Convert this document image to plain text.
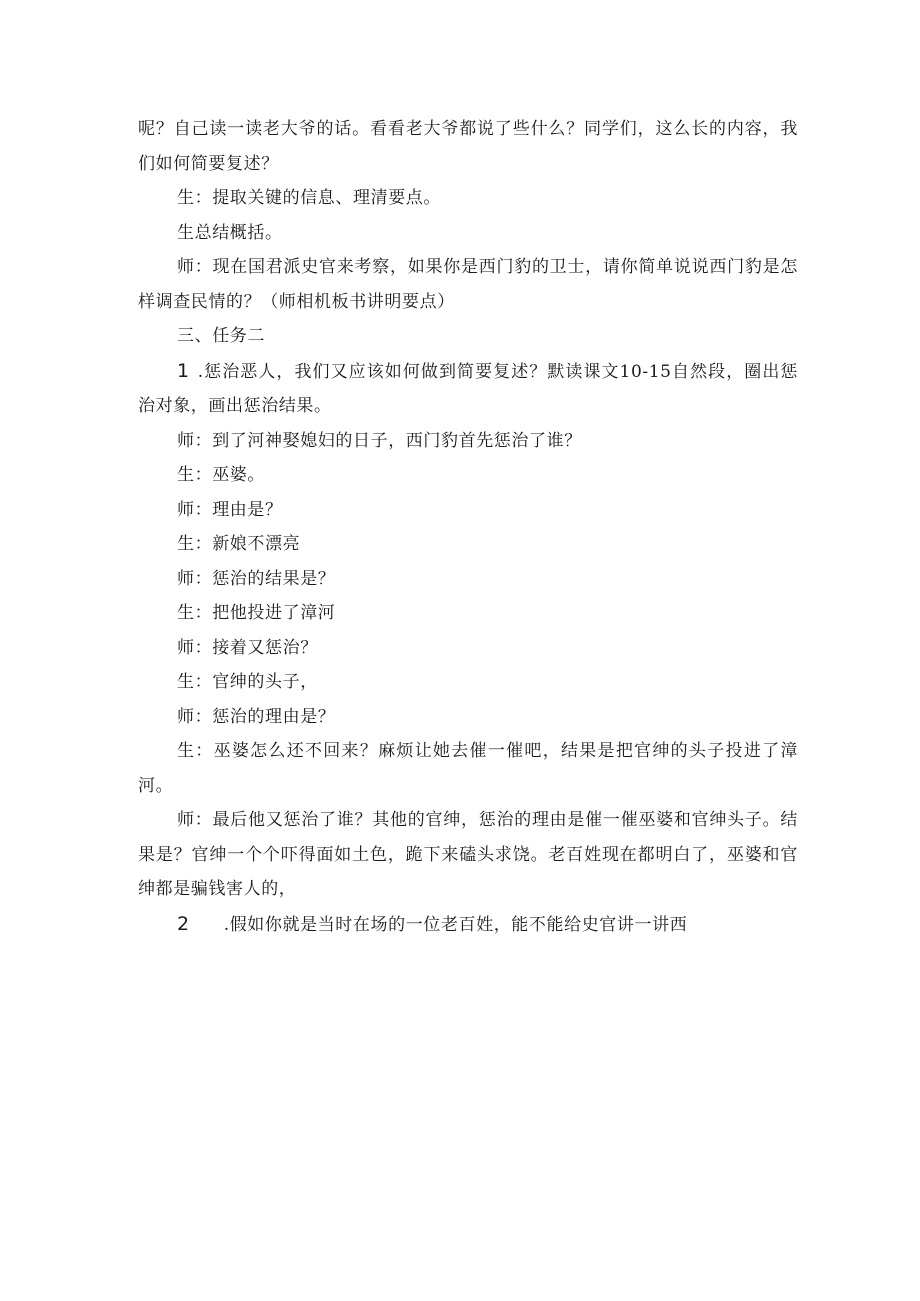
呢？自己读一读老大爷的话。看看老大爷都说了些什么？同学们，这么长的内容，我们如何简要复述？

生：提取关键的信息、理清要点。

生总结概括。

师：现在国君派史官来考察，如果你是西门豹的卫士，请你简单说说西门豹是怎样调查民情的？（师相机板书讲明要点）

三、任务二

1 .惩治恶人，我们又应该如何做到简要复述？默读课文10-15自然段，圈出惩治对象，画出惩治结果。

师：到了河神娶媳妇的日子，西门豹首先惩治了谁？

生：巫婆。

师：理由是？

生：新娘不漂亮

师：惩治的结果是？

生：把他投进了漳河

师：接着又惩治？

生：官绅的头子，

师：惩治的理由是？

生：巫婆怎么还不回来？麻烦让她去催一催吧，结果是把官绅的头子投进了漳河。

师：最后他又惩治了谁？其他的官绅，惩治的理由是催一催巫婆和官绅头子。结果是？官绅一个个吓得面如土色，跪下来磕头求饶。老百姓现在都明白了，巫婆和官绅都是骗钱害人的，

2 .假如你就是当时在场的一位老百姓，能不能给史官讲一讲西
